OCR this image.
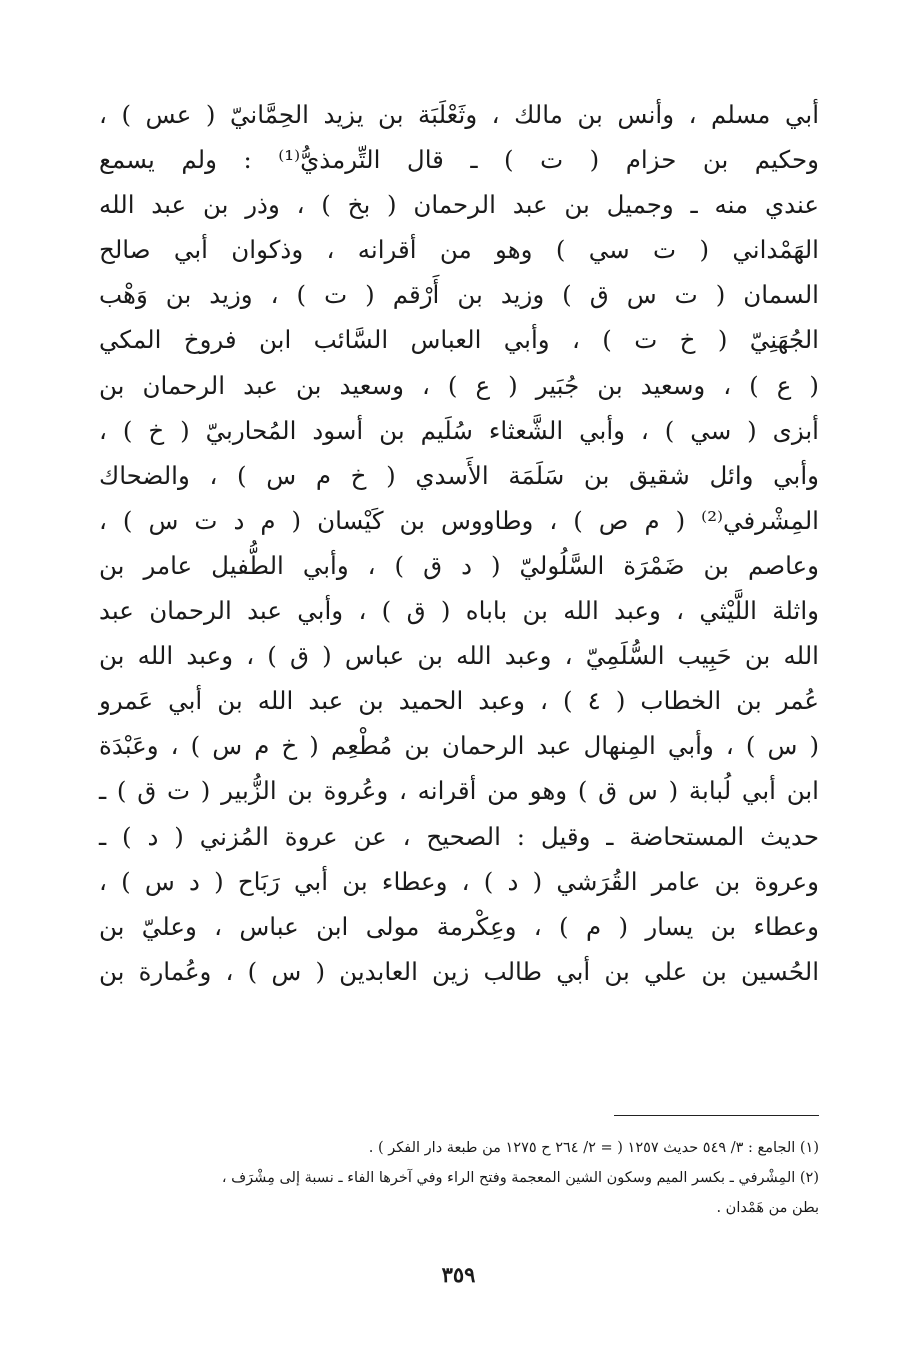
أبي مسلم ، وأنس بن مالك ، وثَعْلَبَة بن يزيد الحِمَّانيّ ( عس ) ،
وحكيم بن حزام ( ت ) ـ قال التِّرمذيُّ⁽¹⁾ : ولم يسمع
عندي منه ـ وجميل بن عبد الرحمان ( بخ ) ، وذر بن عبد الله
الهَمْداني ( ت سي ) وهو من أقرانه ، وذكوان أبي صالح
السمان ( ت س ق ) وزيد بن أَرْقم ( ت ) ، وزيد بن وَهْب
الجُهَنِيّ ( خ ت ) ، وأبي العباس السَّائب ابن فروخ المكي
( ع ) ، وسعيد بن جُبَير ( ع ) ، وسعيد بن عبد الرحمان بن
أبزى ( سي ) ، وأبي الشَّعثاء سُلَيم بن أسود المُحاربيّ ( خ ) ،
وأبي وائل شقيق بن سَلَمَة الأَسدي ( خ م س ) ، والضحاك
المِشْرفي⁽²⁾ ( م ص ) ، وطاووس بن كَيْسان ( م د ت س ) ،
وعاصم بن ضَمْرَة السَّلُوليّ ( د ق ) ، وأبي الطُّفيل عامر بن
واثلة اللَّيْثي ، وعبد الله بن باباه ( ق ) ، وأبي عبد الرحمان عبد
الله بن حَبِيب السُّلَمِيّ ، وعبد الله بن عباس ( ق ) ، وعبد الله بن
عُمر بن الخطاب ( ٤ ) ، وعبد الحميد بن عبد الله بن أبي عَمرو
( س ) ، وأبي المِنهال عبد الرحمان بن مُطْعِم ( خ م س ) ، وعَبْدَة
ابن أبي لُبابة ( س ق ) وهو من أقرانه ، وعُروة بن الزُّبير ( ت ق ) ـ
حديث المستحاضة ـ وقيل : الصحيح ، عن عروة المُزني ( د ) ـ
وعروة بن عامر القُرَشي ( د ) ، وعطاء بن أبي رَبَاح ( د س ) ،
وعطاء بن يسار ( م ) ، وعِكْرمة مولى ابن عباس ، وعليّ بن
الحُسين بن علي بن أبي طالب زين العابدين ( س ) ، وعُمارة بن
(١) الجامع : ٣/ ٥٤٩ حديث ١٢٥٧ ( = ٢/ ٢٦٤ ح ١٢٧٥ من طبعة دار الفكر ) .
(٢) المِشْرفي ـ بكسر الميم وسكون الشين المعجمة وفتح الراء وفي آخرها الفاء ـ نسبة إلى مِشْرَف ،
بطن من هَمْدان .
٣٥٩
